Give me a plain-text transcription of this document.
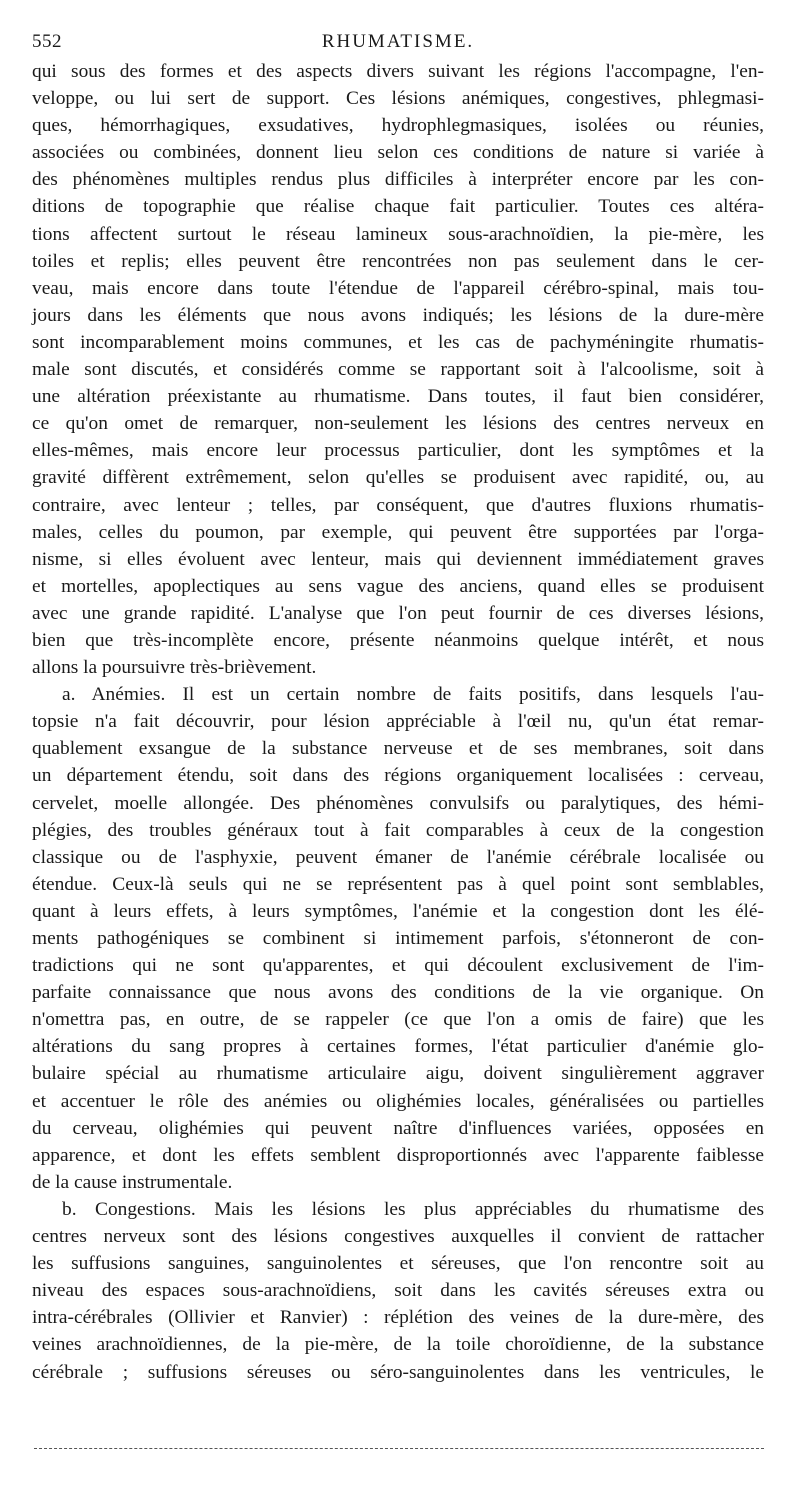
552	RHUMATISME.
qui sous des formes et des aspects divers suivant les régions l'accompagne, l'en-
veloppe, ou lui sert de support. Ces lésions anémiques, congestives, phlegmasi-
ques, hémorrhagiques, exsudatives, hydrophlegmasiques, isolées ou réunies,
associées ou combinées, donnent lieu selon ces conditions de nature si variée à
des phénomènes multiples rendus plus difficiles à interpréter encore par les con-
ditions de topographie que réalise chaque fait particulier. Toutes ces altéra-
tions affectent surtout le réseau lamineux sous-arachnoïdien, la pie-mère, les
toiles et replis; elles peuvent être rencontrées non pas seulement dans le cer-
veau, mais encore dans toute l'étendue de l'appareil cérébro-spinal, mais tou-
jours dans les éléments que nous avons indiqués; les lésions de la dure-mère
sont incomparablement moins communes, et les cas de pachyméningite rhumatis-
male sont discutés, et considérés comme se rapportant soit à l'alcoolisme, soit à
une altération préexistante au rhumatisme. Dans toutes, il faut bien considérer,
ce qu'on omet de remarquer, non-seulement les lésions des centres nerveux en
elles-mêmes, mais encore leur processus particulier, dont les symptômes et la
gravité diffèrent extrêmement, selon qu'elles se produisent avec rapidité, ou, au
contraire, avec lenteur ; telles, par conséquent, que d'autres fluxions rhumatis-
males, celles du poumon, par exemple, qui peuvent être supportées par l'orga-
nisme, si elles évoluent avec lenteur, mais qui deviennent immédiatement graves
et mortelles, apoplectiques au sens vague des anciens, quand elles se produisent
avec une grande rapidité. L'analyse que l'on peut fournir de ces diverses lésions,
bien que très-incomplète encore, présente néanmoins quelque intérêt, et nous
allons la poursuivre très-brièvement.
a. Anémies. Il est un certain nombre de faits positifs, dans lesquels l'au-
topsie n'a fait découvrir, pour lésion appréciable à l'œil nu, qu'un état remar-
quablement exsangue de la substance nerveuse et de ses membranes, soit dans
un département étendu, soit dans des régions organiquement localisées : cerveau,
cervelet, moelle allongée. Des phénomènes convulsifs ou paralytiques, des hémi-
plégies, des troubles généraux tout à fait comparables à ceux de la congestion
classique ou de l'asphyxie, peuvent émaner de l'anémie cérébrale localisée ou
étendue. Ceux-là seuls qui ne se représentent pas à quel point sont semblables,
quant à leurs effets, à leurs symptômes, l'anémie et la congestion dont les élé-
ments pathogéniques se combinent si intimement parfois, s'étonneront de con-
tradictions qui ne sont qu'apparentes, et qui découlent exclusivement de l'im-
parfaite connaissance que nous avons des conditions de la vie organique. On
n'omettra pas, en outre, de se rappeler (ce que l'on a omis de faire) que les
altérations du sang propres à certaines formes, l'état particulier d'anémie glo-
bulaire spécial au rhumatisme articulaire aigu, doivent singulièrement aggraver
et accentuer le rôle des anémies ou olighémies locales, généralisées ou partielles
du cerveau, olighémies qui peuvent naître d'influences variées, opposées en
apparence, et dont les effets semblent disproportionnés avec l'apparente faiblesse
de la cause instrumentale.
b. Congestions. Mais les lésions les plus appréciables du rhumatisme des
centres nerveux sont des lésions congestives auxquelles il convient de rattacher
les suffusions sanguines, sanguinolentes et séreuses, que l'on rencontre soit au
niveau des espaces sous-arachnoïdiens, soit dans les cavités séreuses extra ou
intra-cérébrales (Ollivier et Ranvier) : réplétion des veines de la dure-mère, des
veines arachnoïdiennes, de la pie-mère, de la toile choroïdienne, de la substance
cérébrale ; suffusions séreuses ou séro-sanguinolentes dans les ventricules, le
